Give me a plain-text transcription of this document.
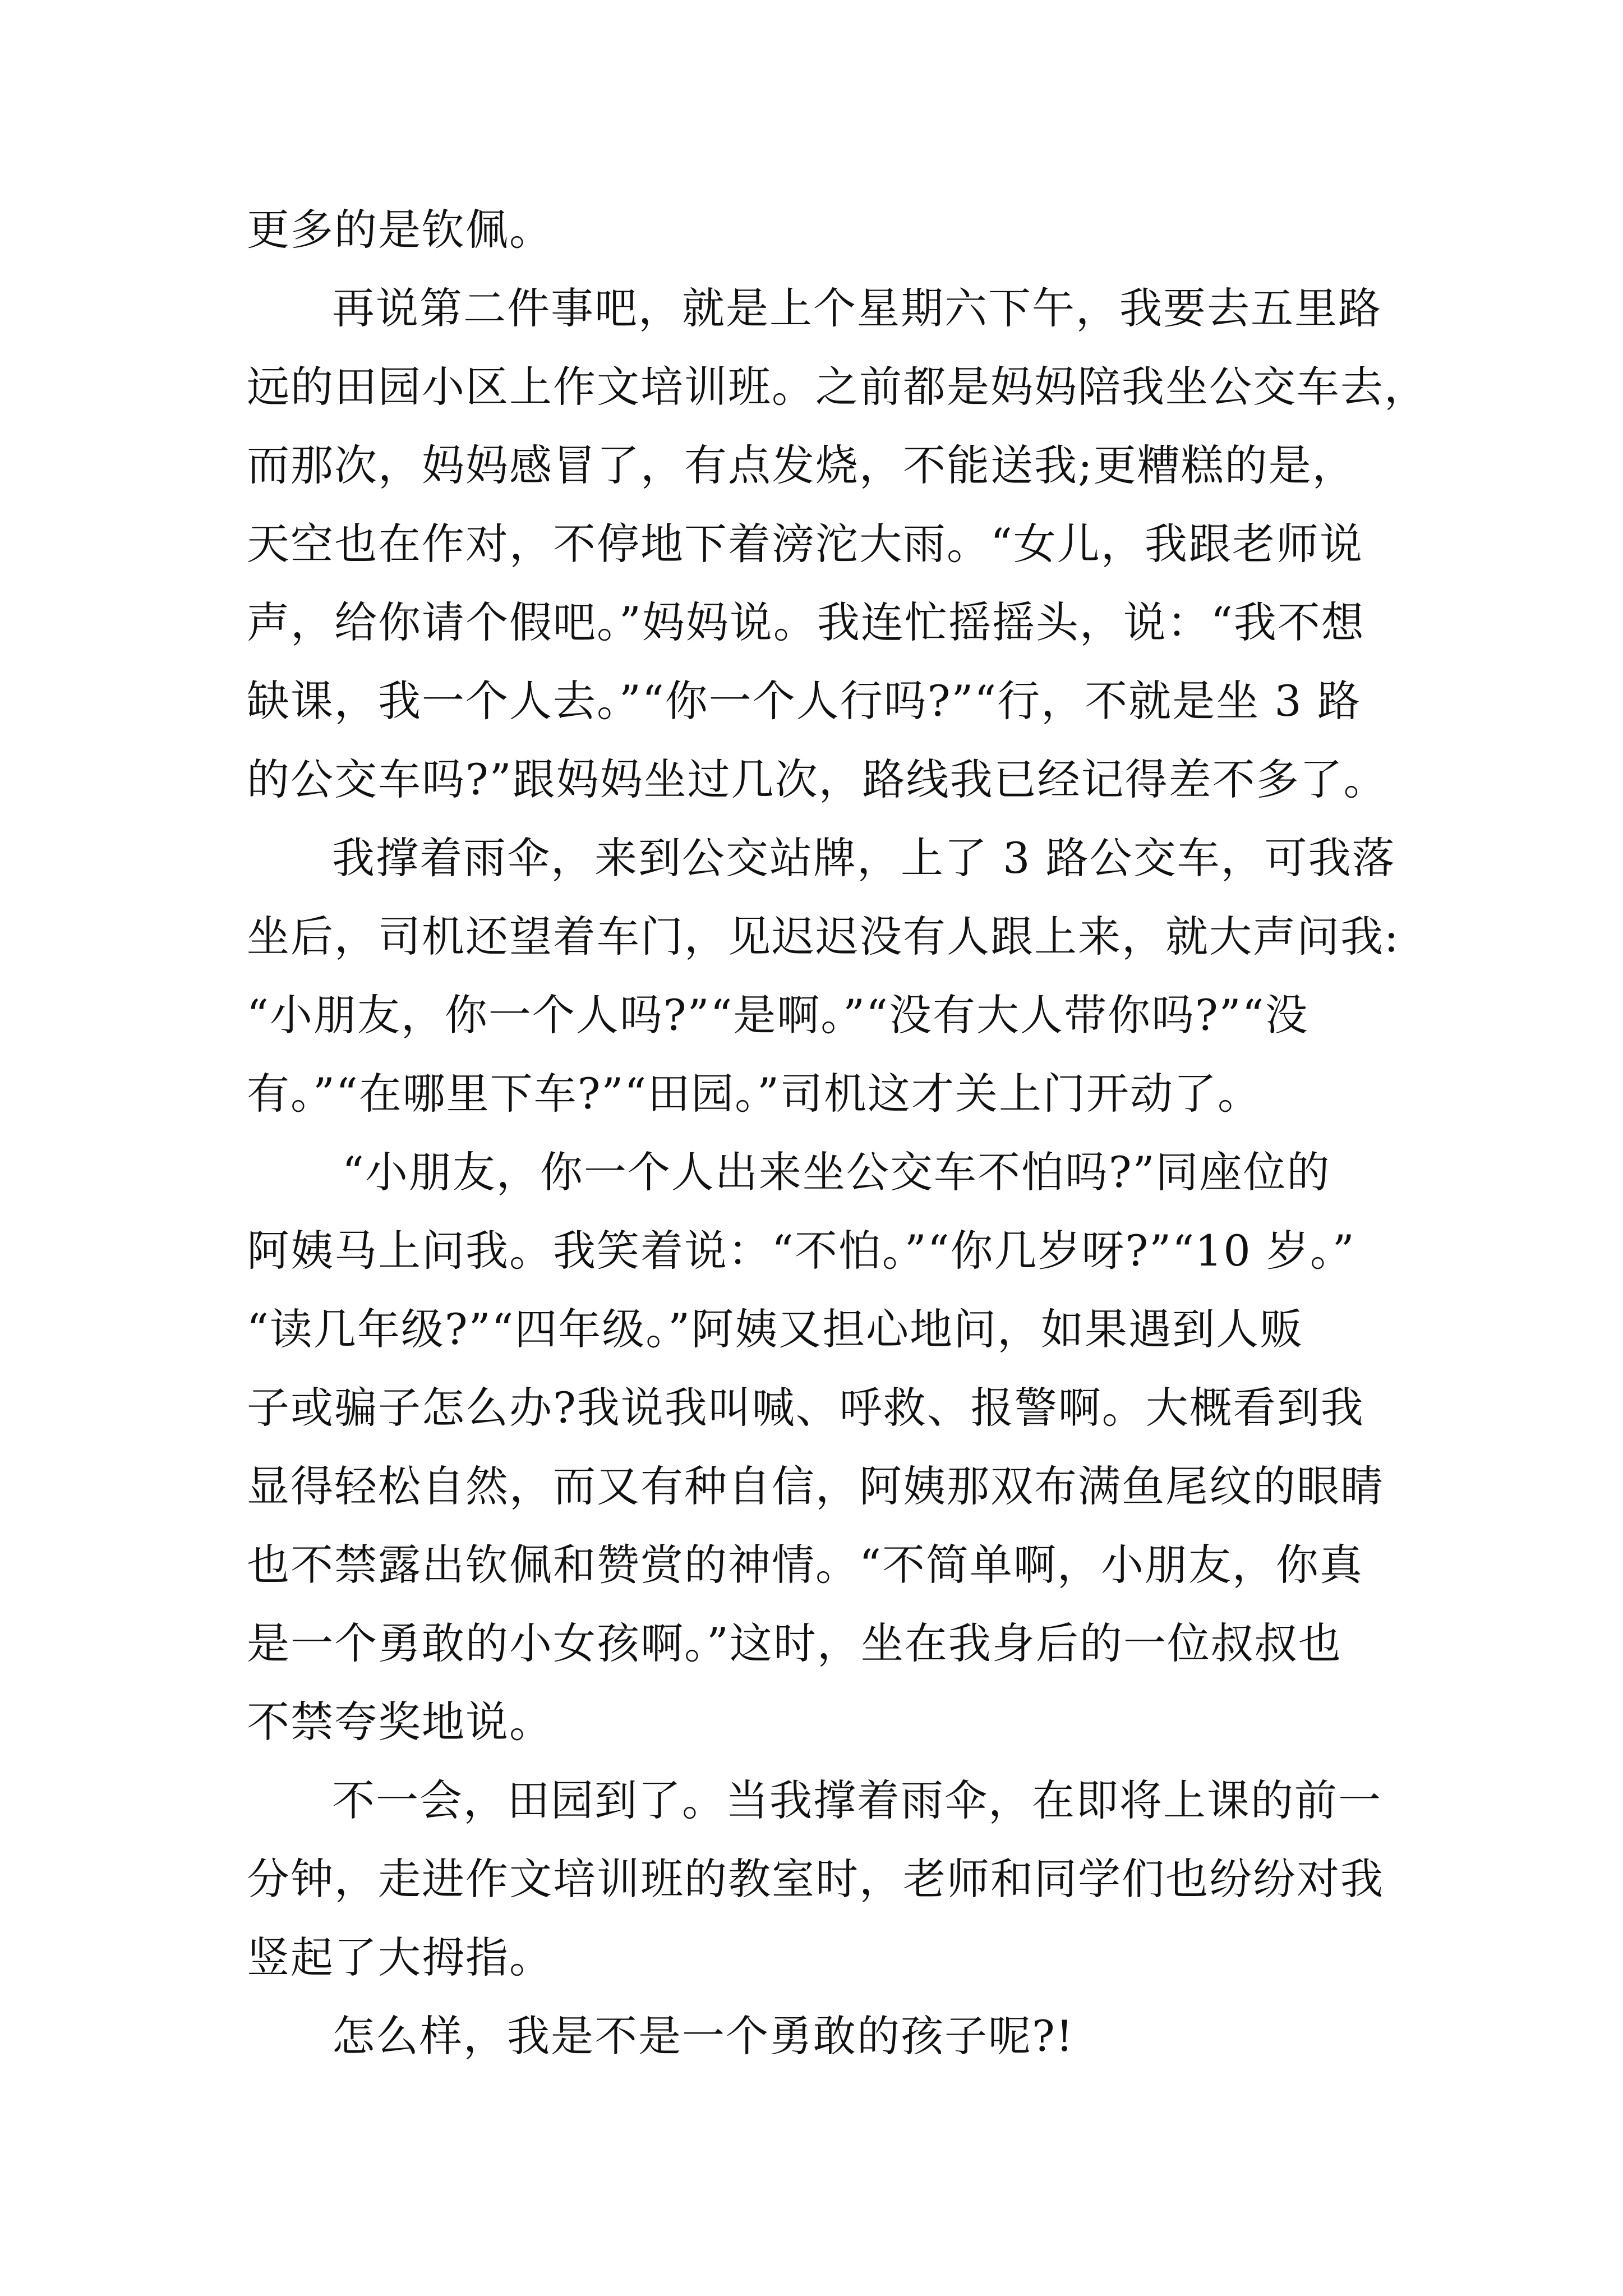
更多的是钦佩。
再说第二件事吧，就是上个星期六下午，我要去五里路
远的田园小区上作文培训班。之前都是妈妈陪我坐公交车去，
而那次，妈妈感冒了，有点发烧，不能送我;更糟糕的是，
天空也在作对，不停地下着滂沱大雨。“女儿，我跟老师说
声，给你请个假吧。”妈妈说。我连忙摇摇头，说：“我不想
缺课，我一个人去。”“你一个人行吗?”“行，不就是坐 3 路
的公交车吗?”跟妈妈坐过几次，路线我已经记得差不多了。
我撑着雨伞，来到公交站牌，上了 3 路公交车，可我落
坐后，司机还望着车门，见迟迟没有人跟上来，就大声问我:
“小朋友，你一个人吗?”“是啊。”“没有大人带你吗?”“没
有。”“在哪里下车?”“田园。”司机这才关上门开动了。
“小朋友，你一个人出来坐公交车不怕吗?”同座位的
阿姨马上问我。我笑着说：“不怕。”“你几岁呀?”“10 岁。”
“读几年级?”“四年级。”阿姨又担心地问，如果遇到人贩
子或骗子怎么办?我说我叫喊、呼救、报警啊。大概看到我
显得轻松自然，而又有种自信，阿姨那双布满鱼尾纹的眼睛
也不禁露出钦佩和赞赏的神情。“不简单啊，小朋友，你真
是一个勇敢的小女孩啊。”这时，坐在我身后的一位叔叔也
不禁夸奖地说。
不一会，田园到了。当我撑着雨伞，在即将上课的前一
分钟，走进作文培训班的教室时，老师和同学们也纷纷对我
竖起了大拇指。
怎么样，我是不是一个勇敢的孩子呢?!
